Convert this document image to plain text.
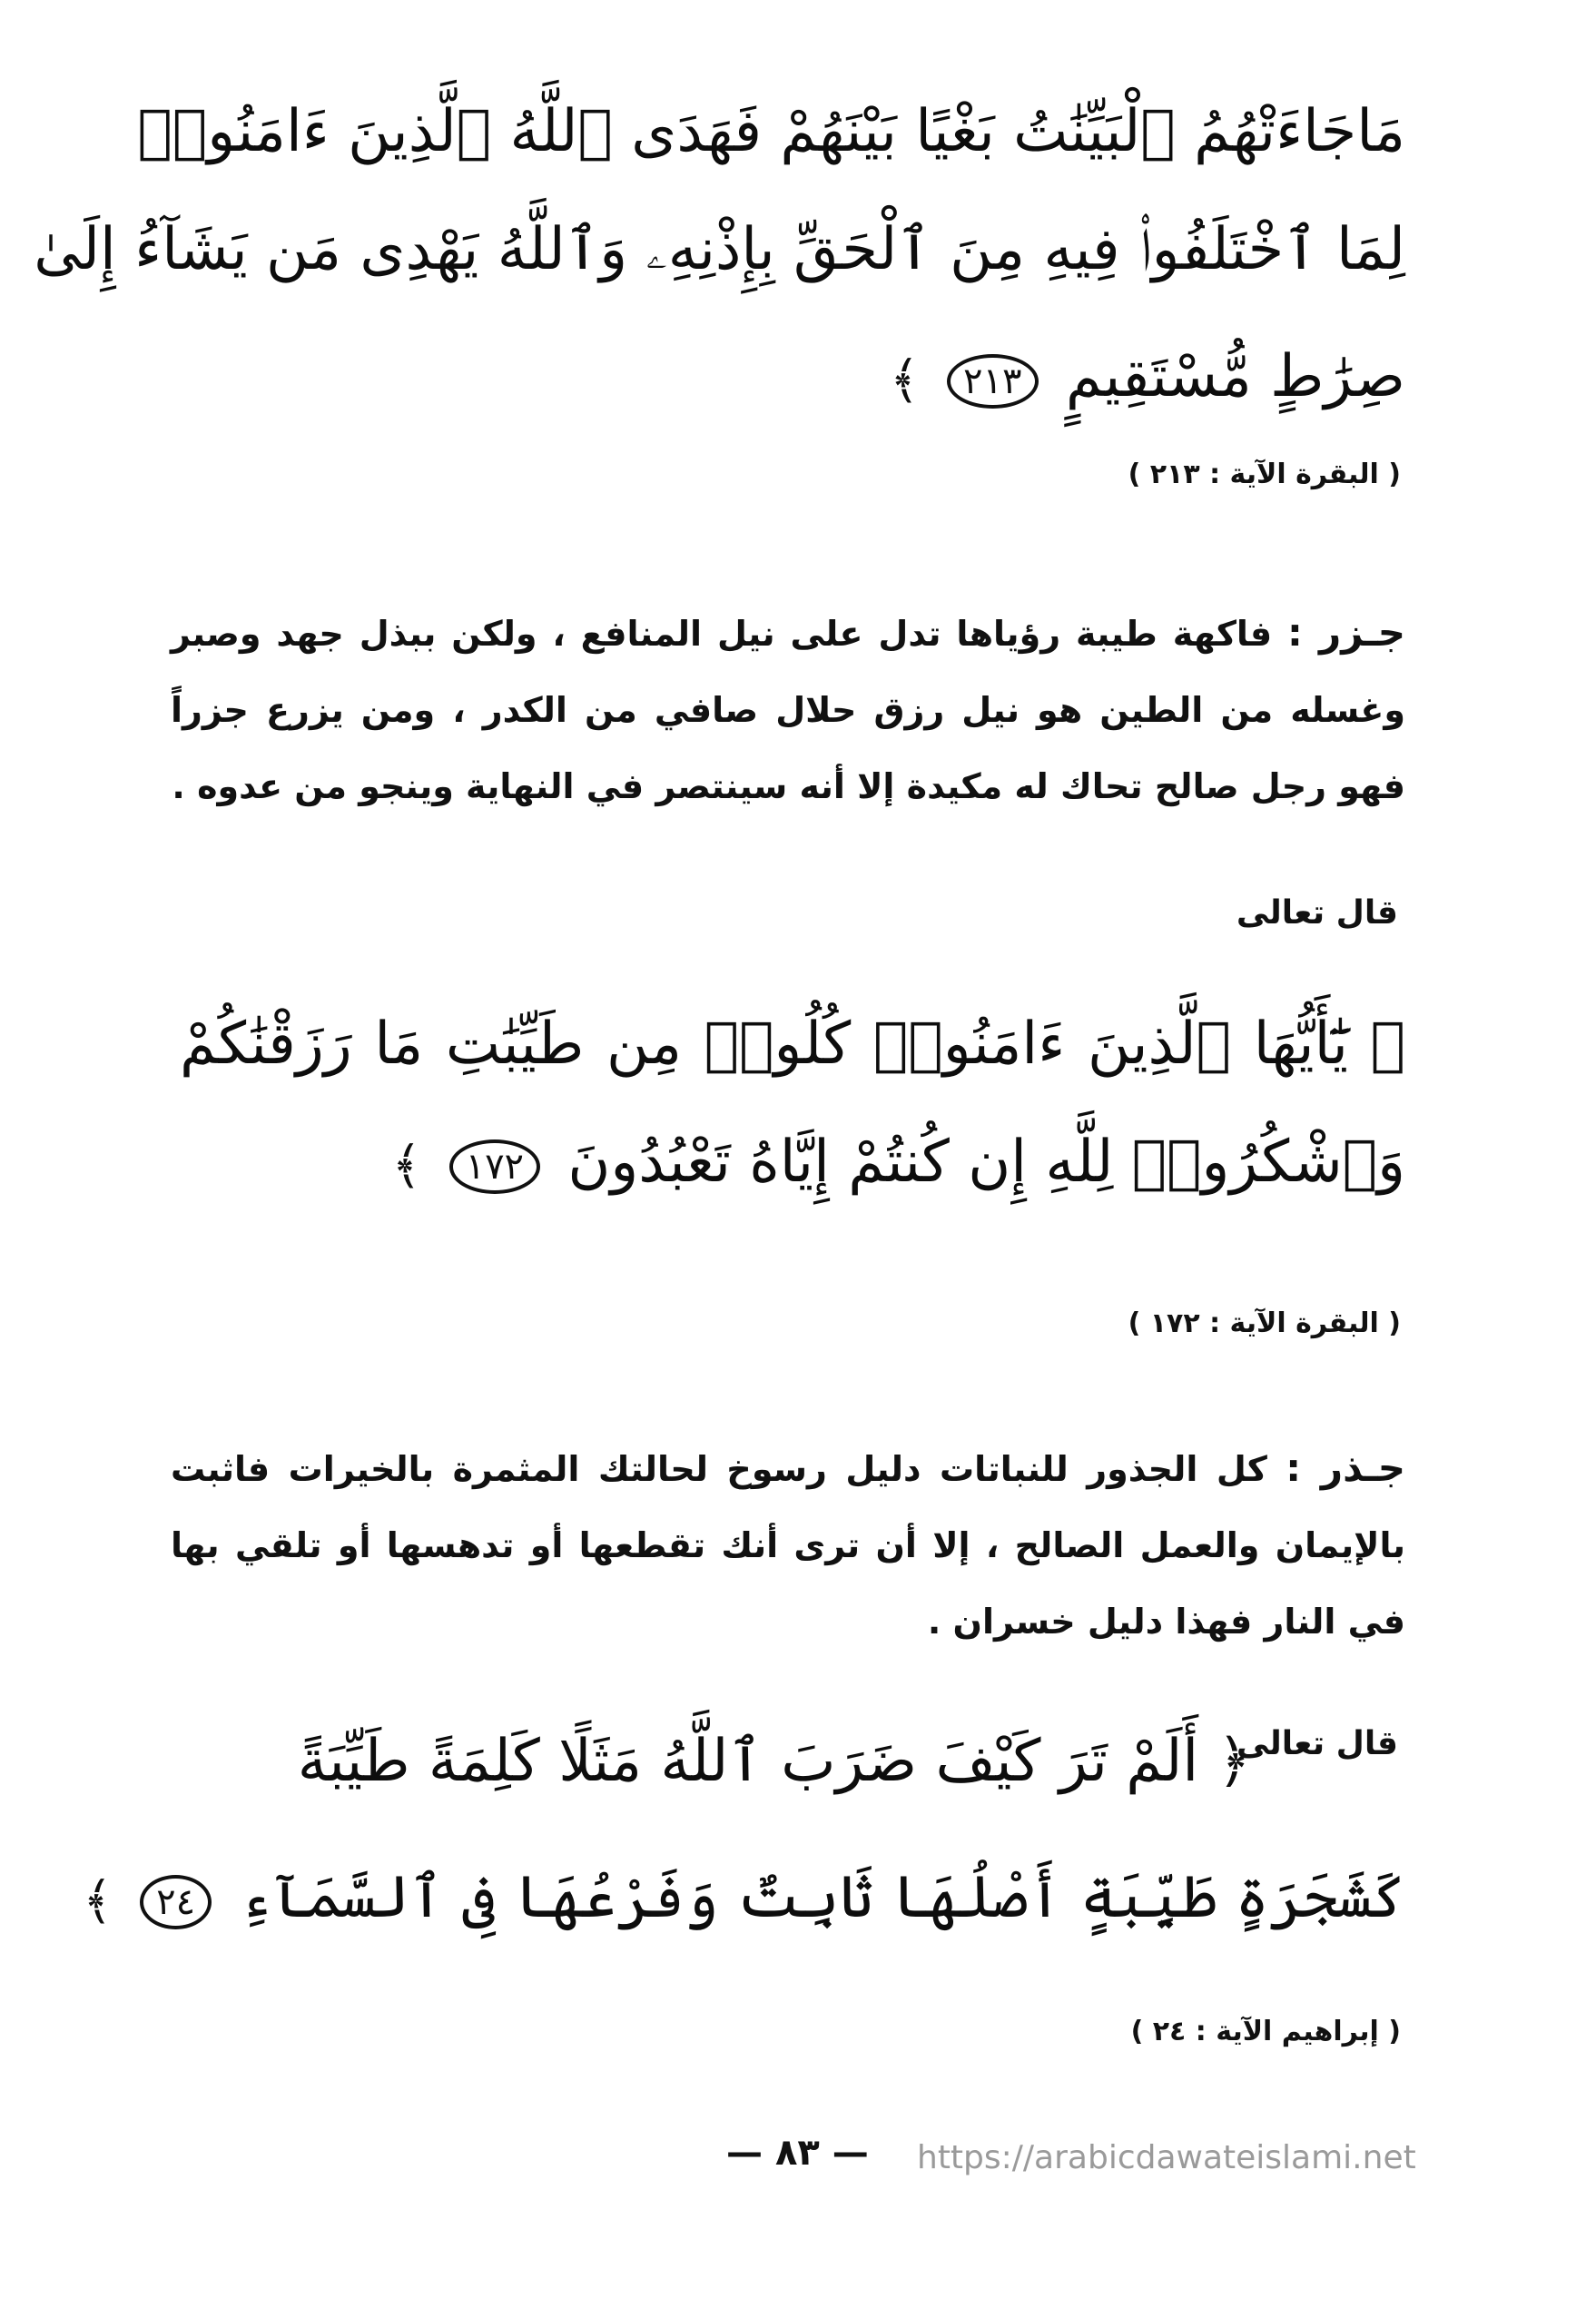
مَاجَاءَتْهُمُ ٱلْبَيِّنَٰتُ بَغْيًا بَيْنَهُمْ فَهَدَى ٱللَّهُ ٱلَّذِينَ ءَامَنُوا۟
لِمَا ٱخْتَلَفُوا۟ فِيهِ مِنَ ٱلْحَقِّ بِإِذْنِهِۦ وَٱللَّهُ يَهْدِى مَن يَشَآءُ إِلَىٰ
صِرَٰطٍ مُّسْتَقِيمٍ ٢١٣ ﴾
( البقرة الآية : ٢١٣ )
جـزر : فاكهة طيبة رؤياها تدل على نيل المنافع ، ولكن ببذل جهد وصبر وغسله من الطين هو نيل رزق حلال صافي من الكدر ، ومن يزرع جزراً فهو رجل صالح تحاك له مكيدة إلا أنه سينتصر في النهاية وينجو من عدوه .
قال تعالى
﴿ يَٰٓأَيُّهَا ٱلَّذِينَ ءَامَنُوا۟ كُلُوا۟ مِن طَيِّبَٰتِ مَا رَزَقْنَٰكُمْ
وَٱشْكُرُوا۟ لِلَّهِ إِن كُنتُمْ إِيَّاهُ تَعْبُدُونَ ١٧٢ ﴾
( البقرة الآية : ١٧٢ )
جـذر : كل الجذور للنباتات دليل رسوخ لحالتك المثمرة بالخيرات فاثبت بالإيمان والعمل الصالح ، إلا أن ترى أنك تقطعها أو تدهسها أو تلقي بها في النار فهذا دليل خسران .
قال تعالى
﴿ أَلَمْ تَرَ كَيْفَ ضَرَبَ ٱللَّهُ مَثَلًا كَلِمَةً طَيِّبَةً
كَشَجَرَةٍ طَيِّبَةٍ أَصْلُهَا ثَابِتٌ وَفَرْعُهَا فِى ٱلسَّمَآءِ ٢٤ ﴾
( إبراهيم الآية : ٢٤ )
— ٨٣ — https://arabicdawateislami.net
